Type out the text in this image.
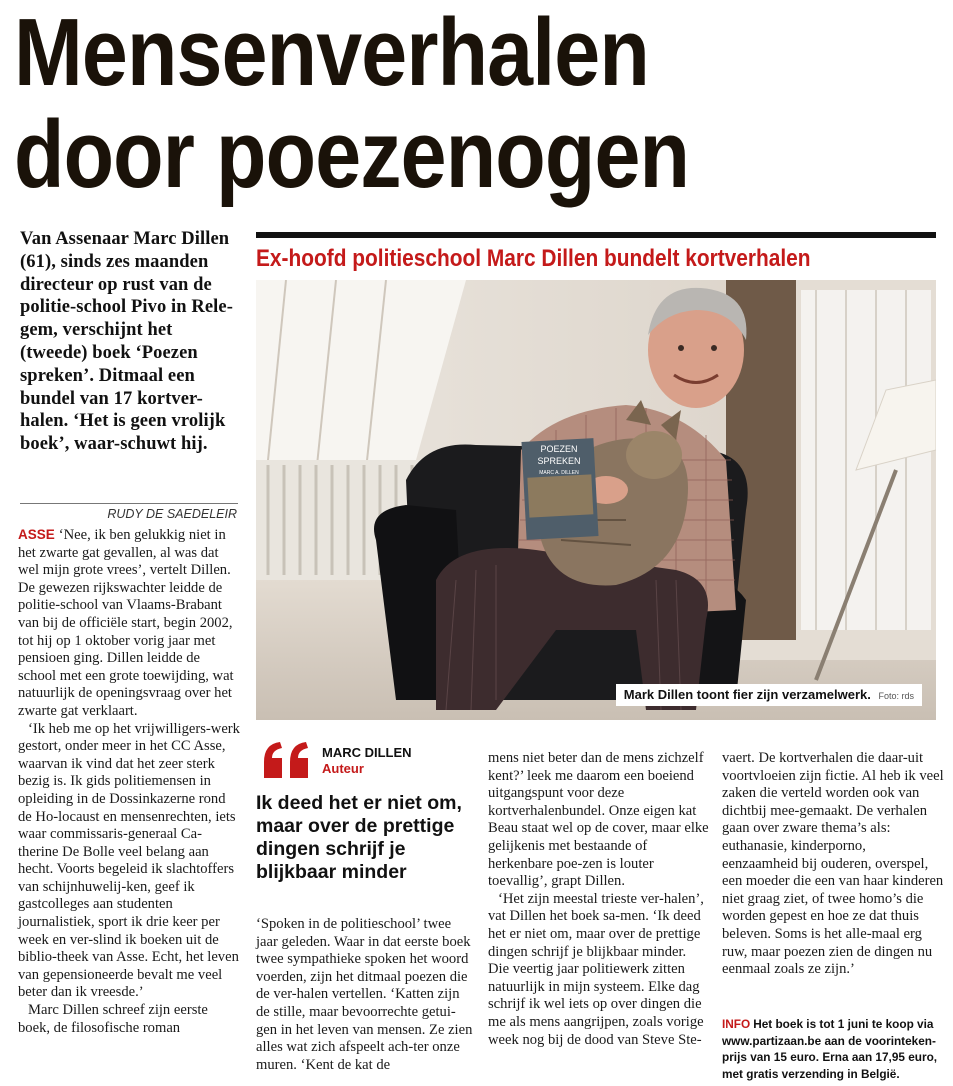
Mensenverhalen
door poezenogen
Ex-hoofd politieschool Marc Dillen bundelt kortverhalen
Van Assenaar Marc Dillen (61), sinds zes maanden directeur op rust van de politie-school Pivo in Rele-gem, verschijnt het (tweede) boek ‘Poezen spreken’. Ditmaal een bundel van 17 kortver-halen. ‘Het is geen vrolijk boek’, waar-schuwt hij.
RUDY DE SAEDELEIR
POEZEN
SPREKEN
MARC A. DILLEN
Mark Dillen toont fier zijn verzamelwerk. Foto: rds
MARC DILLEN
Auteur
Ik deed het er niet om, maar over de prettige dingen schrijf je blijkbaar minder

ASSE ‘Nee, ik ben gelukkig niet in het zwarte gat gevallen, al was dat wel mijn grote vrees’, vertelt Dillen. De gewezen rijkswachter leidde de politie-school van Vlaams-Brabant van bij de officiële start, begin 2002, tot hij op 1 oktober vorig jaar met pensioen ging. Dillen leidde de school met een grote toewijding, wat natuurlijk de openingsvraag over het zwarte gat verklaart.

‘Ik heb me op het vrijwilligers-werk gestort, onder meer in het CC Asse, waarvan ik vind dat het zeer sterk bezig is. Ik gids politiemensen in opleiding in de Dossinkazerne rond de Ho-locaust en mensenrechten, iets waar commissaris-generaal Ca-therine De Bolle veel belang aan hecht. Voorts begeleid ik slachtoffers van schijnhuwelij-ken, geef ik gastcolleges aan studenten journalistiek, sport ik drie keer per week en ver-slind ik boeken uit de biblio-theek van Asse. Echt, het leven van gepensioneerde bevalt me veel beter dan ik vreesde.’

Marc Dillen schreef zijn eerste boek, de filosofische roman

‘Spoken in de politieschool’ twee jaar geleden. Waar in dat eerste boek twee sympathieke spoken het woord voerden, zijn het ditmaal poezen die de ver-halen vertellen. ‘Katten zijn de stille, maar bevoorrechte getui-gen in het leven van mensen. Ze zien alles wat zich afspeelt ach-ter onze muren. ‘Kent de kat de

mens niet beter dan de mens zichzelf kent?’ leek me daarom een boeiend uitgangspunt voor deze kortverhalenbundel. Onze eigen kat Beau staat wel op de cover, maar elke gelijkenis met bestaande of herkenbare poe-zen is louter toevallig’, grapt Dillen.

‘Het zijn meestal trieste ver-halen’, vat Dillen het boek sa-men. ‘Ik deed het er niet om, maar over de prettige dingen schrijf je blijkbaar minder. Die veertig jaar politiewerk zitten natuurlijk in mijn systeem. Elke dag schrijf ik wel iets op over dingen die me als mens aangrijpen, zoals vorige week nog bij de dood van Steve Ste-

vaert. De kortverhalen die daar-uit voortvloeien zijn fictie. Al heb ik veel zaken die verteld worden ook van dichtbij mee-gemaakt. De verhalen gaan over zware thema’s als: euthanasie, kinderporno, eenzaamheid bij ouderen, overspel, een moeder die een van haar kinderen niet graag ziet, of twee homo’s die worden gepest en hoe ze dat thuis beleven. Soms is het alle-maal erg ruw, maar poezen zien de dingen nu eenmaal zoals ze zijn.’

INFO Het boek is tot 1 juni te koop via www.partizaan.be aan de voorinteken-prijs van 15 euro. Erna aan 17,95 euro, met gratis verzending in België.
